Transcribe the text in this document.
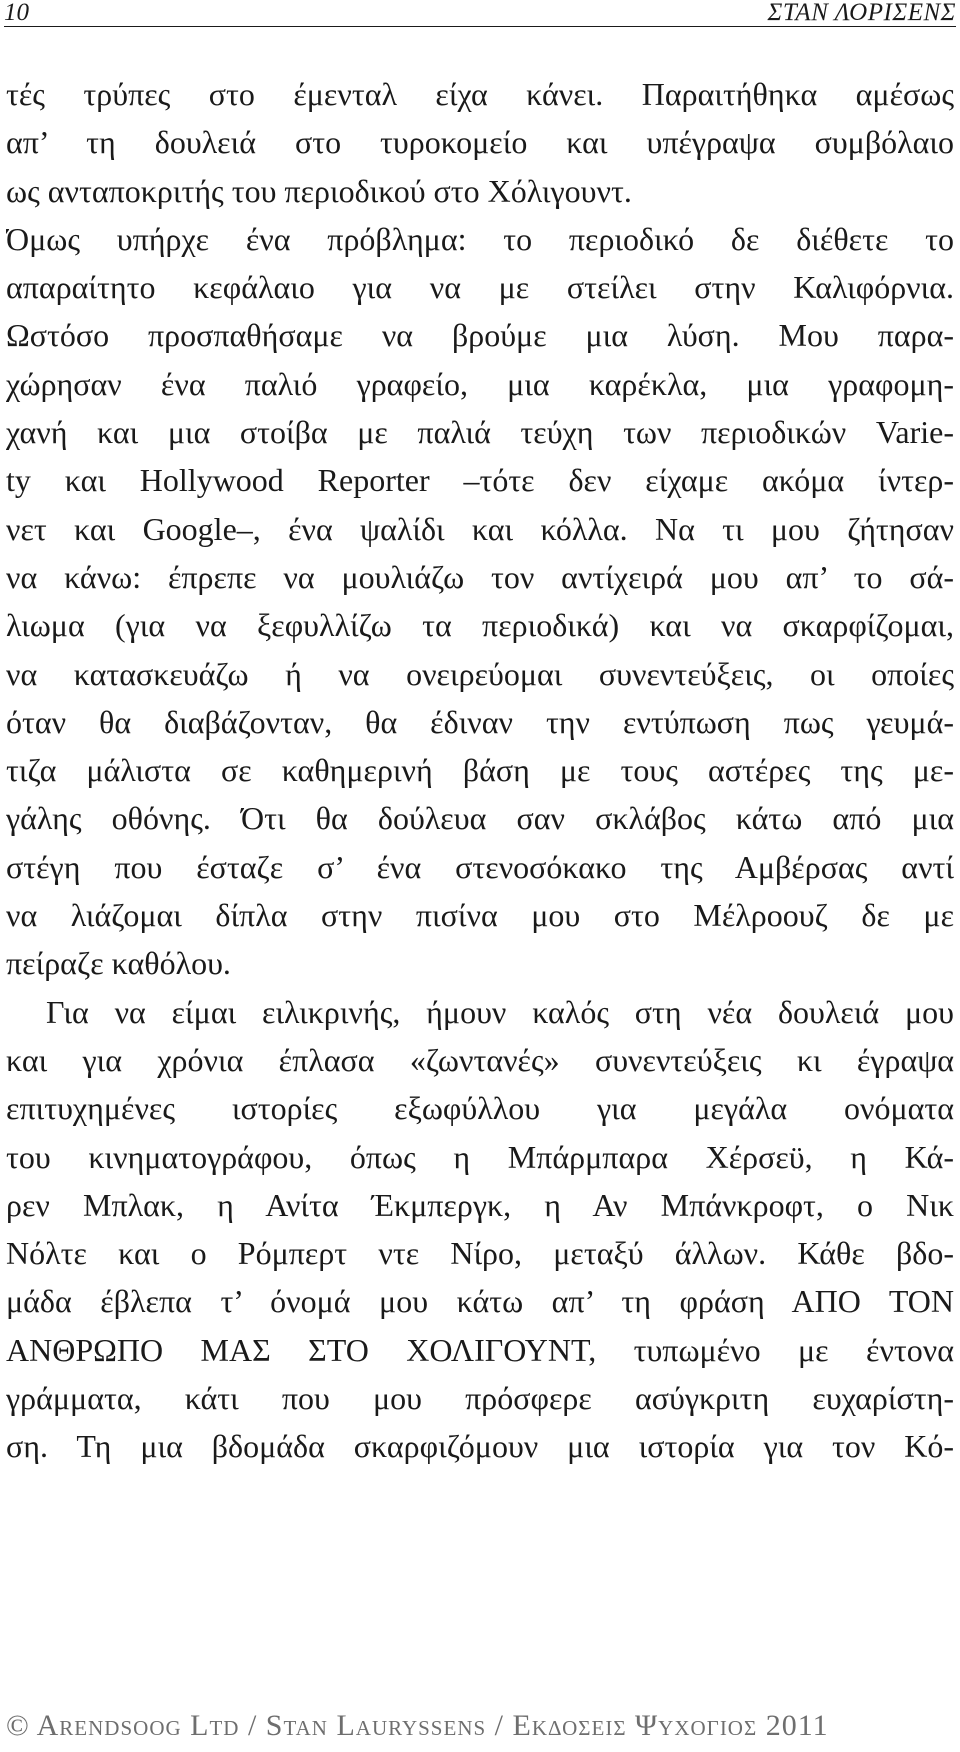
10	ΣΤΑΝ ΛΟΡΙΣΕΝΣ
τές τρύπες στο έμενταλ είχα κάνει. Παραιτήθηκα αμέσως
απ’ τη δουλειά στο τυροκομείο και υπέγραψα συμβόλαιο
ως ανταποκριτής του περιοδικού στο Χόλιγουντ.
Όμως υπήρχε ένα πρόβλημα: το περιοδικό δε διέθετε το
απαραίτητο κεφάλαιο για να με στείλει στην Καλιφόρνια.
Ωστόσο προσπαθήσαμε να βρούμε μια λύση. Μου παρα-
χώρησαν ένα παλιό γραφείο, μια καρέκλα, μια γραφομη-
χανή και μια στοίβα με παλιά τεύχη των περιοδικών Varie-
ty και Hollywood Reporter –τότε δεν είχαμε ακόμα ίντερ-
νετ και Google–, ένα ψαλίδι και κόλλα. Να τι μου ζήτησαν
να κάνω: έπρεπε να μουλιάζω τον αντίχειρά μου απ’ το σά-
λιωμα (για να ξεφυλλίζω τα περιοδικά) και να σκαρφίζομαι,
να κατασκευάζω ή να ονειρεύομαι συνεντεύξεις, οι οποίες
όταν θα διαβάζονταν, θα έδιναν την εντύπωση πως γευμά-
τιζα μάλιστα σε καθημερινή βάση με τους αστέρες της με-
γάλης οθόνης. Ότι θα δούλευα σαν σκλάβος κάτω από μια
στέγη που έσταζε σ’ ένα στενοσόκακο της Αμβέρσας αντί
να λιάζομαι δίπλα στην πισίνα μου στο Μέλροουζ δε με
πείραζε καθόλου.
Για να είμαι ειλικρινής, ήμουν καλός στη νέα δουλειά μου
και για χρόνια έπλασα «ζωντανές» συνεντεύξεις κι έγραψα
επιτυχημένες ιστορίες εξωφύλλου για μεγάλα ονόματα
του κινηματογράφου, όπως η Μπάρμπαρα Χέρσεϋ, η Κά-
ρεν Μπλακ, η Ανίτα Έκμπεργκ, η Αν Μπάνκροφτ, ο Νικ
Νόλτε και ο Ρόμπερτ ντε Νίρο, μεταξύ άλλων. Κάθε βδο-
μάδα έβλεπα τ’ όνομά μου κάτω απ’ τη φράση ΑΠΟ ΤΟΝ
ΑΝΘΡΩΠΟ ΜΑΣ ΣΤΟ ΧΟΛΙΓΟΥΝΤ, τυπωμένο με έντονα
γράμματα, κάτι που μου πρόσφερε ασύγκριτη ευχαρίστη-
ση. Τη μια βδομάδα σκαρφιζόμουν μια ιστορία για τον Κό-
© Arendsoog Ltd / Stan Lauryssens / Εκδοσεις Ψυχογιος 2011
